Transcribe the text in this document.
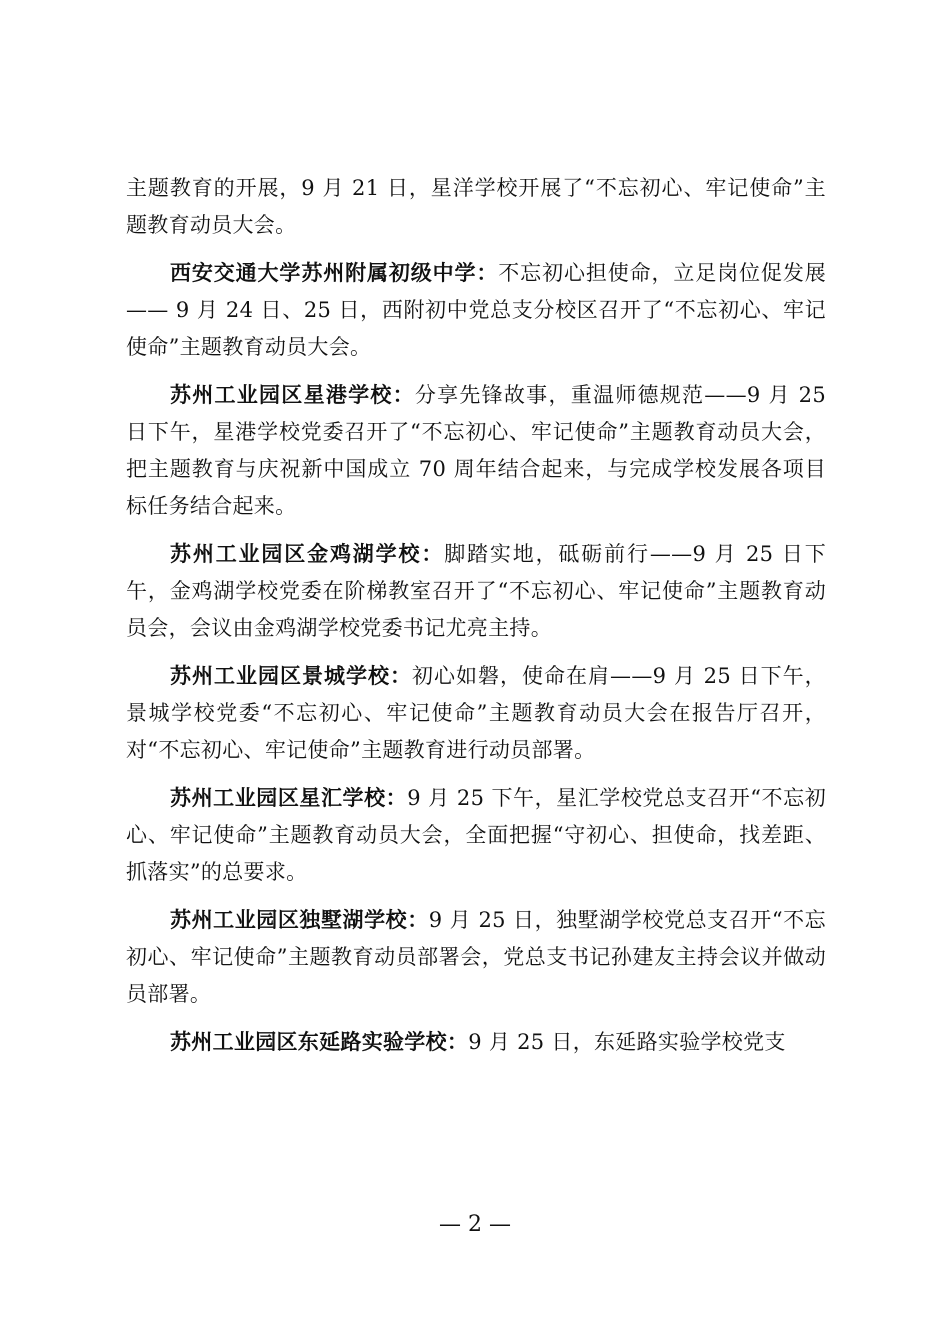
主题教育的开展，9 月 21 日，星洋学校开展了“不忘初心、牢记使命”主题教育动员大会。

西安交通大学苏州附属初级中学：不忘初心担使命，立足岗位促发展—— 9 月 24 日、25 日，西附初中党总支分校区召开了“不忘初心、牢记使命”主题教育动员大会。

苏州工业园区星港学校：分享先锋故事，重温师德规范——9 月 25 日下午，星港学校党委召开了“不忘初心、牢记使命”主题教育动员大会，把主题教育与庆祝新中国成立 70 周年结合起来，与完成学校发展各项目标任务结合起来。

苏州工业园区金鸡湖学校：脚踏实地，砥砺前行——9 月 25 日下午，金鸡湖学校党委在阶梯教室召开了“不忘初心、牢记使命”主题教育动员会，会议由金鸡湖学校党委书记尤亮主持。

苏州工业园区景城学校：初心如磐，使命在肩——9 月 25 日下午，景城学校党委“不忘初心、牢记使命”主题教育动员大会在报告厅召开，对“不忘初心、牢记使命”主题教育进行动员部署。

苏州工业园区星汇学校：9 月 25 下午，星汇学校党总支召开“不忘初心、牢记使命”主题教育动员大会，全面把握“守初心、担使命，找差距、抓落实”的总要求。

苏州工业园区独墅湖学校：9 月 25 日，独墅湖学校党总支召开“不忘初心、牢记使命”主题教育动员部署会，党总支书记孙建友主持会议并做动员部署。

苏州工业园区东延路实验学校：9 月 25 日，东延路实验学校党支

— 2 —
